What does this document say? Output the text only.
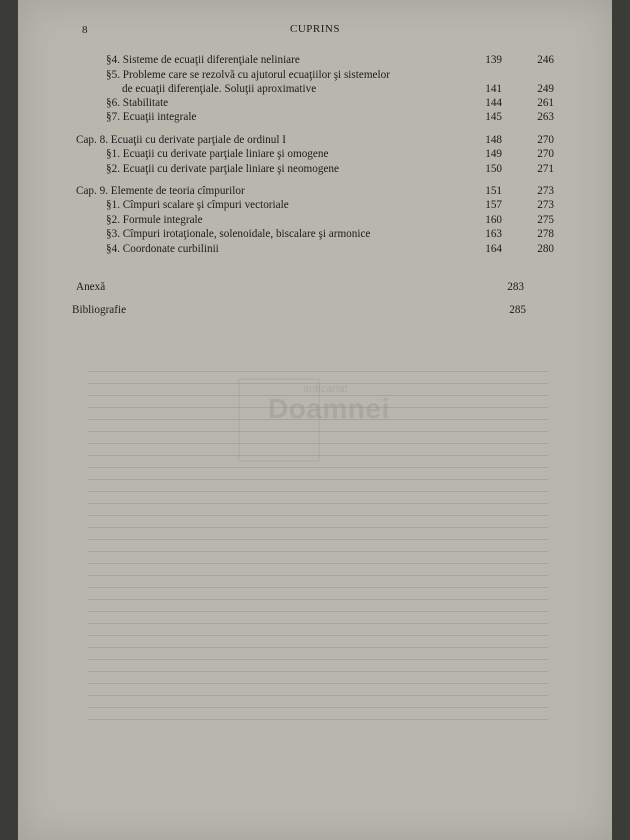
8	CUPRINS
anticariat
Doamnei
§4. Sisteme de ecuaţii diferenţiale neliniare	139	246
§5. Probleme care se rezolvă cu ajutorul ecuaţiilor şi sistemelor
de ecuaţii diferenţiale. Soluţii aproximative	141	249
§6. Stabilitate	144	261
§7. Ecuaţii integrale	145	263
Cap. 8. Ecuaţii cu derivate parţiale de ordinul I	148	270
§1. Ecuaţii cu derivate parţiale liniare şi omogene	149	270
§2. Ecuaţii cu derivate parţiale liniare şi neomogene	150	271
Cap. 9. Elemente de teoria cîmpurilor	151	273
§1. Cîmpuri scalare şi cîmpuri vectoriale	157	273
§2. Formule integrale	160	275
§3. Cîmpuri irotaţionale, solenoidale, biscalare şi armonice	163	278
§4. Coordonate curbilinii	164	280
Anexă	283
Bibliografie	285
